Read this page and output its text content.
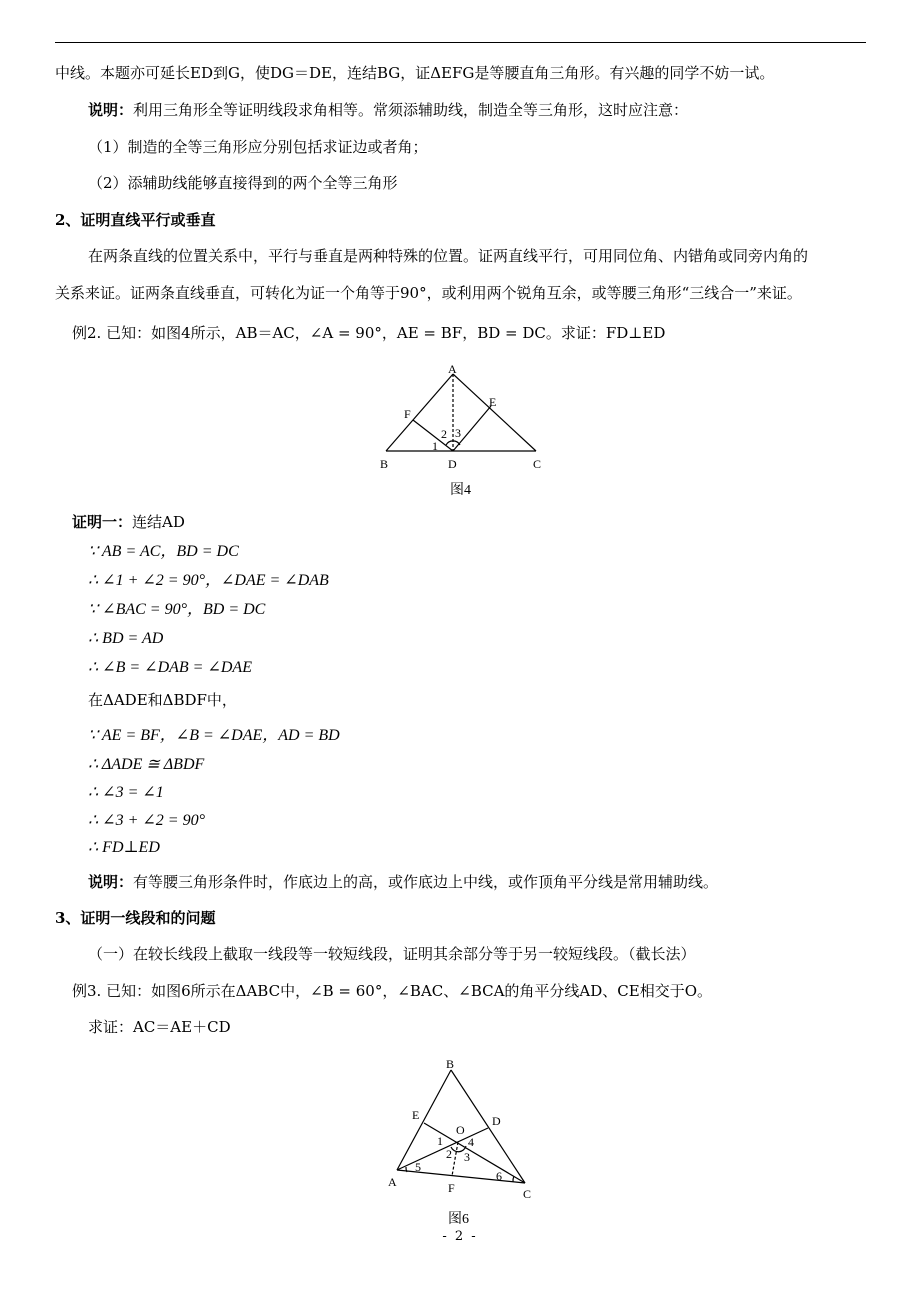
中线。本题亦可延长ED到G，使DG＝DE，连结BG，证ΔEFG是等腰直角三角形。有兴趣的同学不妨一试。
说明：利用三角形全等证明线段求角相等。常须添辅助线，制造全等三角形，这时应注意：
（1）制造的全等三角形应分别包括求证边或者角；
（2）添辅助线能够直接得到的两个全等三角形
2、证明直线平行或垂直
在两条直线的位置关系中，平行与垂直是两种特殊的位置。证两直线平行，可用同位角、内错角或同旁内角的
关系来证。证两条直线垂直，可转化为证一个角等于90°，或利用两个锐角互余，或等腰三角形“三线合一”来证。
例2. 已知：如图4所示，AB＝AC，∠A = 90°，AE = BF，BD = DC。求证：FD⊥ED
A
B	C
D
E
F
1
2 3
图4
证明一：连结AD
∵ AB = AC，BD = DC
∴ ∠1 + ∠2 = 90°，∠DAE = ∠DAB
∵ ∠BAC = 90°，BD = DC
∴ BD = AD
∴ ∠B = ∠DAB = ∠DAE
在ΔADE和ΔBDF中，
∵ AE = BF，∠B = ∠DAE，AD = BD
∴ ΔADE ≅ ΔBDF
∴ ∠3 = ∠1
∴ ∠3 + ∠2 = 90°
∴ FD⊥ED
说明：有等腰三角形条件时，作底边上的高，或作底边上中线，或作顶角平分线是常用辅助线。
3、证明一线段和的问题
（一）在较长线段上截取一线段等一较短线段，证明其余部分等于另一较短线段。（截长法）
例3. 已知：如图6所示在ΔABC中，∠B = 60°，∠BAC、∠BCA的角平分线AD、CE相交于O。
求证：AC＝AE＋CD
B
A
C
D
E
F
O
1
2 3
4
5
6
图6
- 2 -
